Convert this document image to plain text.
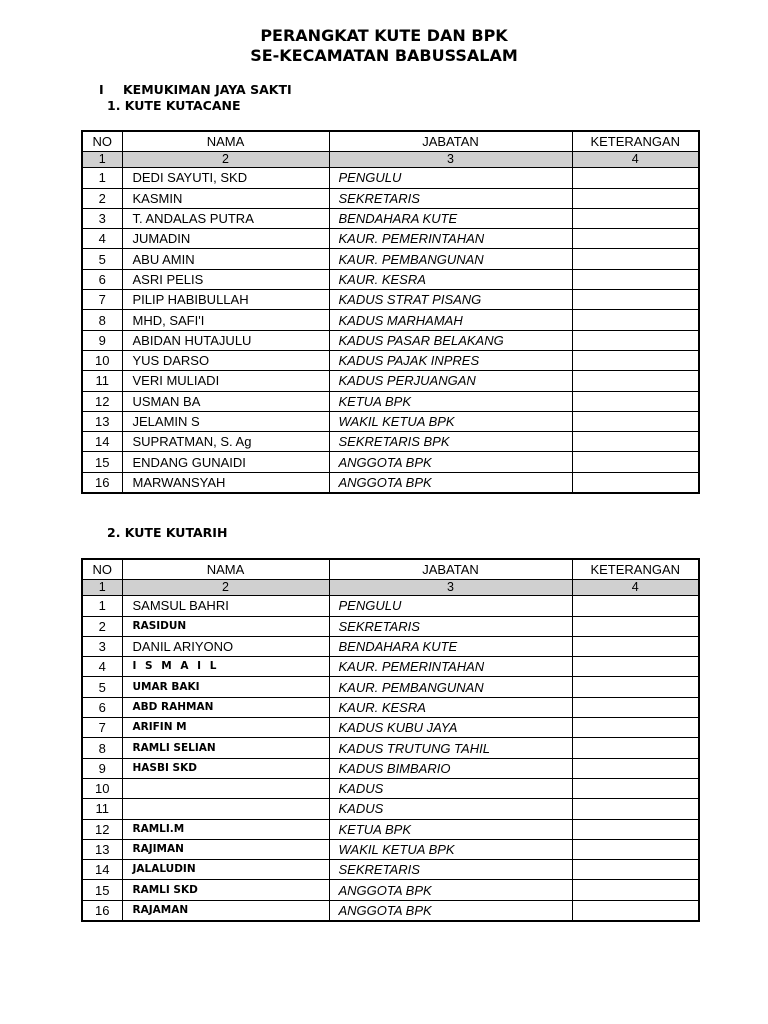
PERANGKAT KUTE DAN BPK
SE-KECAMATAN BABUSSALAM
I KEMUKIMAN JAYA SAKTI
1. KUTE KUTACANE
NO	NAMA	JABATAN	KETERANGAN
1	2	3	4
1	DEDI SAYUTI, SKD	PENGULU	
2	KASMIN	SEKRETARIS	
3	T. ANDALAS PUTRA	BENDAHARA KUTE	
4	JUMADIN	KAUR. PEMERINTAHAN	
5	ABU AMIN	KAUR. PEMBANGUNAN	
6	ASRI PELIS	KAUR. KESRA	
7	PILIP HABIBULLAH	KADUS STRAT PISANG	
8	MHD, SAFI'I	KADUS MARHAMAH	
9	ABIDAN HUTAJULU	KADUS PASAR BELAKANG	
10	YUS DARSO	KADUS PAJAK INPRES	
11	VERI MULIADI	KADUS PERJUANGAN	
12	USMAN BA	KETUA BPK	
13	JELAMIN S	WAKIL KETUA BPK	
14	SUPRATMAN, S. Ag	SEKRETARIS BPK	
15	ENDANG GUNAIDI	ANGGOTA BPK	
16	MARWANSYAH	ANGGOTA BPK	
2. KUTE KUTARIH
NO	NAMA	JABATAN	KETERANGAN
1	2	3	4
1	SAMSUL BAHRI	PENGULU	
2	RASIDUN	SEKRETARIS	
3	DANIL ARIYONO	BENDAHARA KUTE	
4	I S M A I L	KAUR. PEMERINTAHAN	
5	UMAR BAKI	KAUR. PEMBANGUNAN	
6	ABD RAHMAN	KAUR. KESRA	
7	ARIFIN M	KADUS KUBU JAYA	
8	RAMLI SELIAN	KADUS TRUTUNG TAHIL	
9	HASBI SKD	KADUS BIMBARIO	
10		KADUS	
11		KADUS	
12	RAMLI.M	KETUA BPK	
13	RAJIMAN	WAKIL KETUA BPK	
14	JALALUDIN	SEKRETARIS	
15	RAMLI SKD	ANGGOTA BPK	
16	RAJAMAN	ANGGOTA BPK	
